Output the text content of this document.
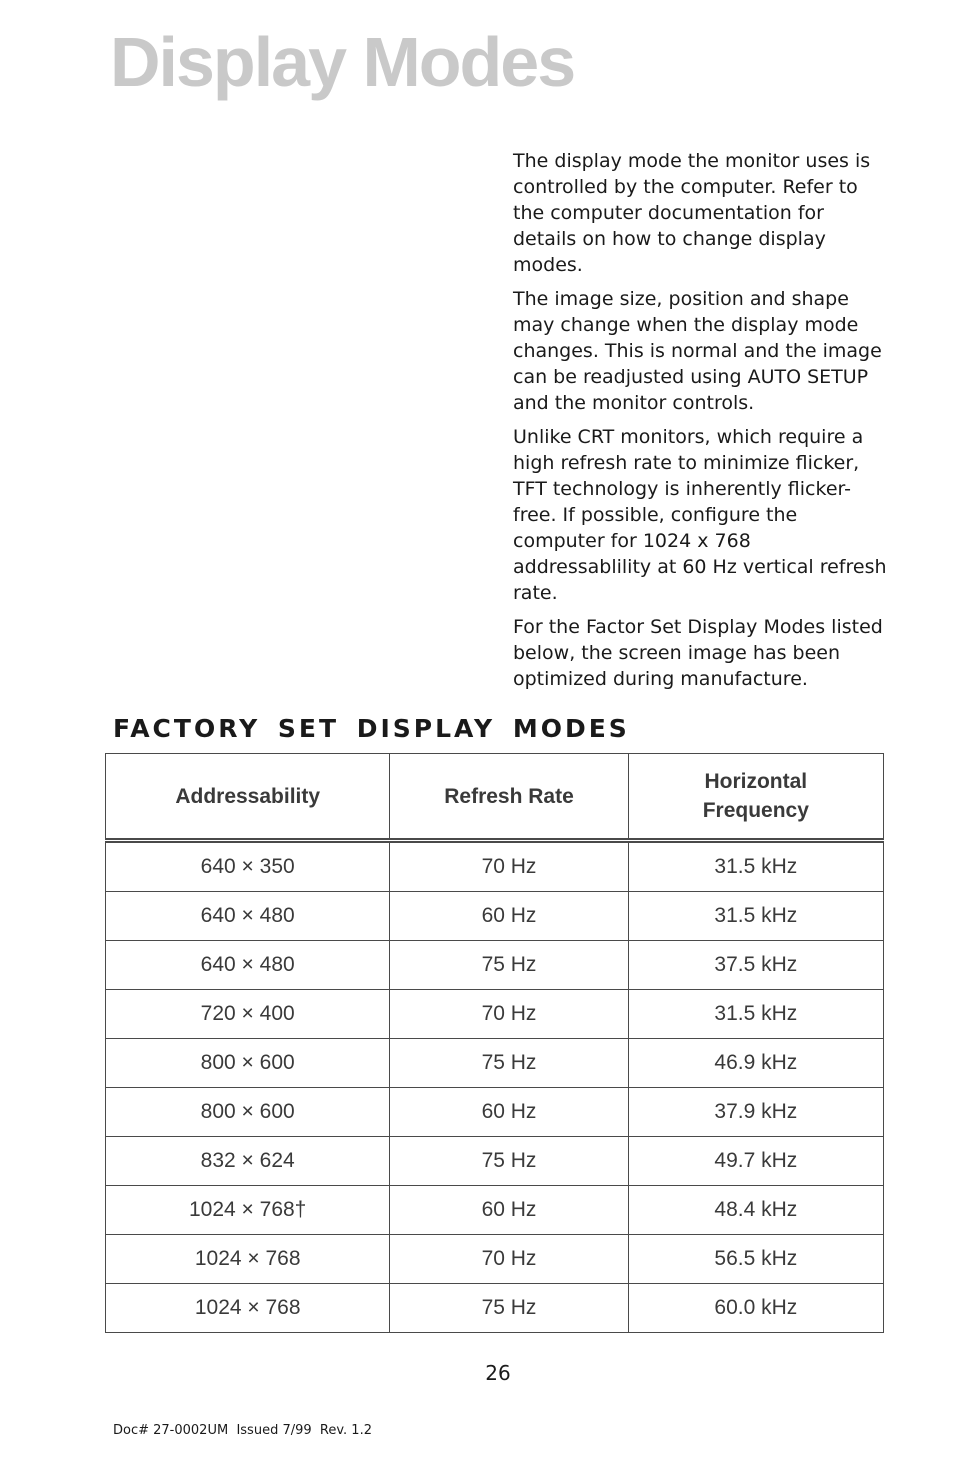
Display Modes

The display mode the monitor uses is controlled by the computer. Refer to the computer documentation for details on how to change display modes.

The image size, position and shape may change when the display mode changes. This is normal and the image can be readjusted using AUTO SETUP and the monitor controls.

Unlike CRT monitors, which require a high refresh rate to minimize flicker, TFT technology is inherently flicker-free. If possible, configure the computer for 1024 x 768 addressablility at 60 Hz vertical refresh rate.

For the Factor Set Display Modes listed below, the screen image has been optimized during manufacture.

FACTORY SET DISPLAY MODES
Addressability	Refresh Rate	Horizontal
Frequency

640 × 350	70 Hz	31.5 kHz
640 × 480	60 Hz	31.5 kHz
640 × 480	75 Hz	37.5 kHz
720 × 400	70 Hz	31.5 kHz
800 × 600	75 Hz	46.9 kHz
800 × 600	60 Hz	37.9 kHz
832 × 624	75 Hz	49.7 kHz
1024 × 768†	60 Hz	48.4 kHz
1024 × 768	70 Hz	56.5 kHz
1024 × 768	75 Hz	60.0 kHz
26
Doc# 27-0002UM  Issued 7/99  Rev. 1.2
